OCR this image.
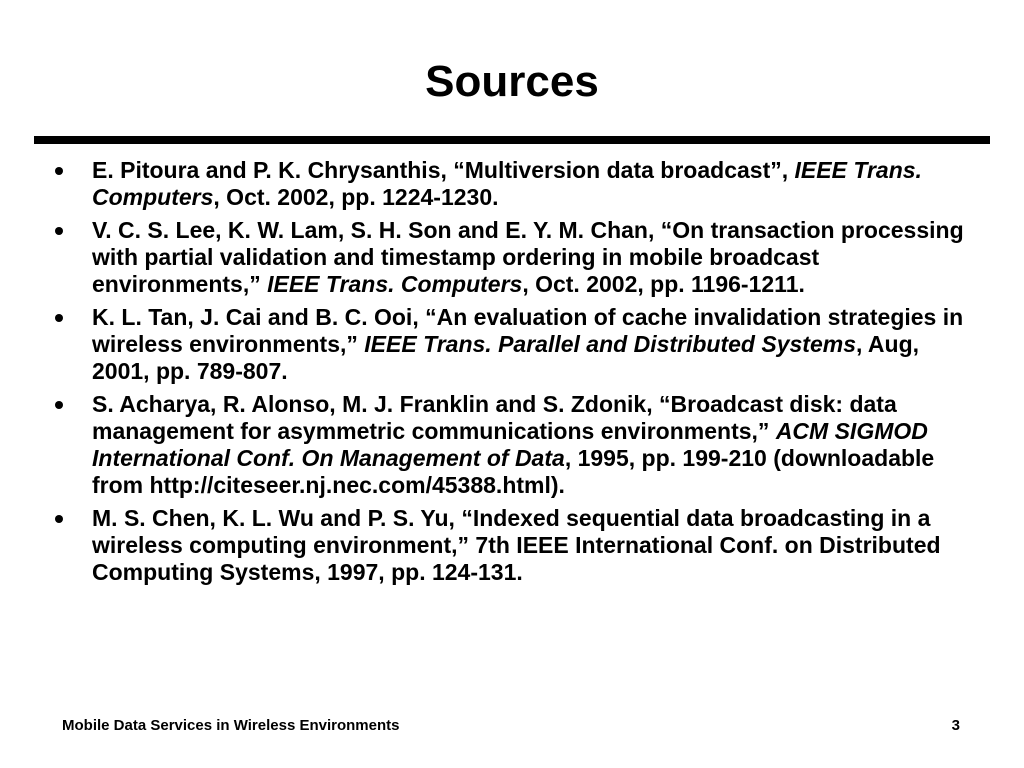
Sources
E. Pitoura and P. K. Chrysanthis, “Multiversion data broadcast”, IEEE Trans. Computers, Oct. 2002, pp. 1224-1230.
V. C. S. Lee, K. W. Lam, S. H. Son and E. Y. M. Chan, “On transaction processing with partial validation and timestamp ordering in mobile broadcast environments,” IEEE Trans. Computers, Oct. 2002, pp. 1196-1211.
K. L. Tan, J. Cai and B. C. Ooi, “An evaluation of cache invalidation strategies in wireless environments,” IEEE Trans. Parallel and Distributed Systems, Aug, 2001, pp. 789-807.
S. Acharya, R. Alonso, M. J. Franklin and S. Zdonik, “Broadcast disk: data management for asymmetric communications environments,” ACM SIGMOD International Conf. On Management of Data, 1995, pp. 199-210 (downloadable from http://citeseer.nj.nec.com/45388.html).
M. S. Chen, K. L. Wu and P. S. Yu, “Indexed sequential data broadcasting in a wireless computing environment,” 7th IEEE International Conf. on Distributed Computing Systems, 1997, pp. 124-131.
Mobile Data Services in Wireless Environments	3
